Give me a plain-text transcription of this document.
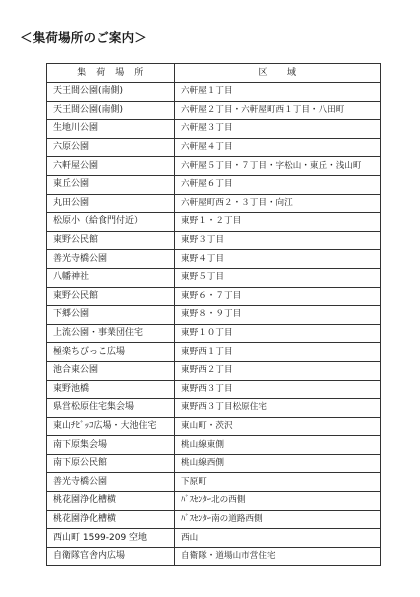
＜集荷場所のご案内＞
集　荷　場　所	区　　域
天王間公園(南側)	六軒屋１丁目
天王間公園(南側)	六軒屋２丁目・六軒屋町西１丁目・八田町
生地川公園	六軒屋３丁目
六原公園	六軒屋４丁目
六軒屋公園	六軒屋５丁目・７丁目・字松山・東丘・浅山町
東丘公園	六軒屋６丁目
丸田公園	六軒屋町西２・３丁目・向江
松原小（給食門付近）	東野１・２丁目
東野公民館	東野３丁目
善光寺橋公園	東野４丁目
八幡神社	東野５丁目
東野公民館	東野６・７丁目
下郷公園	東野８・９丁目
上流公園・事業団住宅	東野１０丁目
極楽ちびっこ広場	東野西１丁目
池合東公園	東野西２丁目
東野池橋	東野西３丁目
県営松原住宅集会場	東野西３丁目松原住宅
東山ﾁﾋﾞｯｺ広場・大池住宅	東山町・茨沢
南下原集会場	桃山線東側
南下原公民館	桃山線西側
善光寺橋公園	下原町
桃花園浄化槽横	ﾊﾞｽｾﾝﾀｰ北の西側
桃花園浄化槽横	ﾊﾞｽｾﾝﾀｰ南の道路西側
西山町 1599-209 空地	西山
自衛隊官舎内広場	自衛隊・道場山市営住宅
